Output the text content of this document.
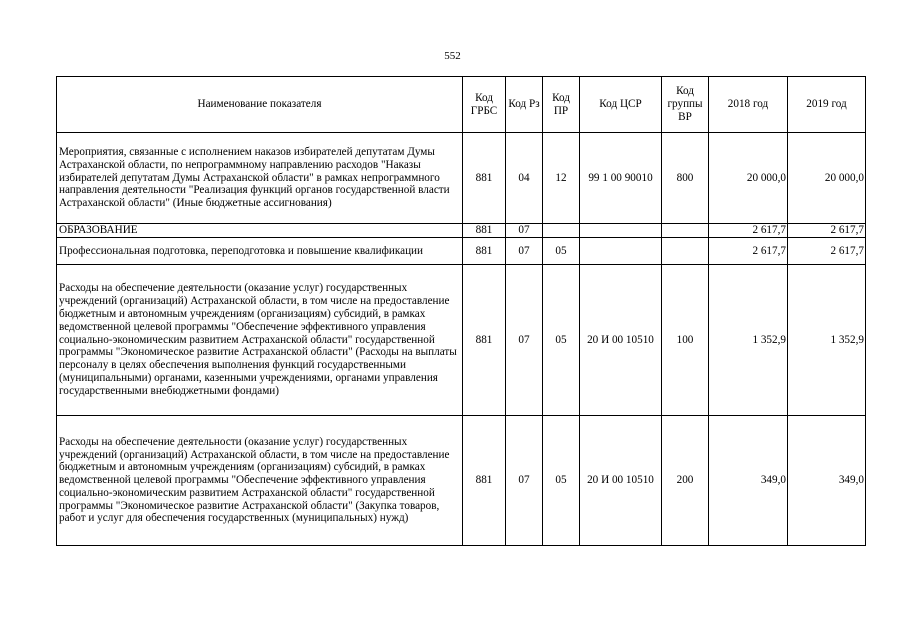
552
Наименование показателя	Код ГРБС	Код Рз	Код ПР	Код ЦСР	Код группы ВР	2018 год	2019 год
Мероприятия, связанные с исполнением наказов избирателей депутатам Думы Астраханской области, по непрограммному направлению расходов "Наказы избирателей депутатам Думы Астраханской области" в рамках непрограммного направления деятельности "Реализация функций органов государственной власти Астраханской области" (Иные бюджетные ассигнования)	881	04	12	99 1 00 90010	800	20 000,0	20 000,0
ОБРАЗОВАНИЕ	881	07				2 617,7	2 617,7
Профессиональная подготовка, переподготовка и повышение квалификации	881	07	05			2 617,7	2 617,7
Расходы на обеспечение деятельности (оказание услуг) государственных учреждений (организаций) Астраханской области, в том числе на предоставление бюджетным и автономным учреждениям (организациям) субсидий, в рамках ведомственной целевой программы "Обеспечение эффективного управления социально-экономическим развитием Астраханской области" государственной программы "Экономическое развитие Астраханской области" (Расходы на выплаты персоналу в целях обеспечения выполнения функций государственными (муниципальными) органами, казенными учреждениями, органами управления государственными внебюджетными фондами)	881	07	05	20 И 00 10510	100	1 352,9	1 352,9
Расходы на обеспечение деятельности (оказание услуг) государственных учреждений (организаций) Астраханской области, в том числе на предоставление бюджетным и автономным учреждениям (организациям) субсидий, в рамках ведомственной целевой программы "Обеспечение эффективного управления социально-экономическим развитием Астраханской области" государственной программы "Экономическое развитие Астраханской области" (Закупка товаров, работ и услуг для обеспечения государственных (муниципальных) нужд)	881	07	05	20 И 00 10510	200	349,0	349,0
